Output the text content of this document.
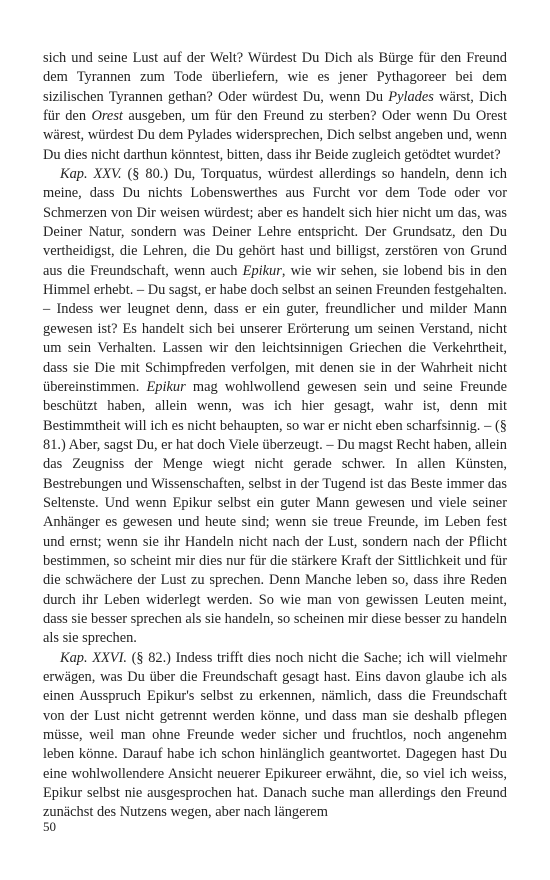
sich und seine Lust auf der Welt? Würdest Du Dich als Bürge für den Freund dem Tyrannen zum Tode überliefern, wie es jener Pythagoreer bei dem sizilischen Tyrannen gethan? Oder würdest Du, wenn Du Pylades wärst, Dich für den Orest ausgeben, um für den Freund zu sterben? Oder wenn Du Orest wärest, würdest Du dem Pylades widersprechen, Dich selbst angeben und, wenn Du dies nicht darthun könntest, bitten, dass ihr Beide zugleich getödtet wurdet?

Kap. XXV. (§ 80.) Du, Torquatus, würdest allerdings so handeln, denn ich meine, dass Du nichts Lobenswerthes aus Furcht vor dem Tode oder vor Schmerzen von Dir weisen würdest; aber es handelt sich hier nicht um das, was Deiner Natur, sondern was Deiner Lehre entspricht. Der Grundsatz, den Du vertheidigst, die Lehren, die Du gehört hast und billigst, zerstören von Grund aus die Freundschaft, wenn auch Epikur, wie wir sehen, sie lobend bis in den Himmel erhebt. – Du sagst, er habe doch selbst an seinen Freunden festgehalten. – Indess wer leugnet denn, dass er ein guter, freundlicher und milder Mann gewesen ist? Es handelt sich bei unserer Erörterung um seinen Verstand, nicht um sein Verhalten. Lassen wir den leichtsinnigen Griechen die Verkehrtheit, dass sie Die mit Schimpfreden verfolgen, mit denen sie in der Wahrheit nicht übereinstimmen. Epikur mag wohlwollend gewesen sein und seine Freunde beschützt haben, allein wenn, was ich hier gesagt, wahr ist, denn mit Bestimmtheit will ich es nicht behaupten, so war er nicht eben scharfsinnig. – (§ 81.) Aber, sagst Du, er hat doch Viele überzeugt. – Du magst Recht haben, allein das Zeugniss der Menge wiegt nicht gerade schwer. In allen Künsten, Bestrebungen und Wissenschaften, selbst in der Tugend ist das Beste immer das Seltenste. Und wenn Epikur selbst ein guter Mann gewesen und viele seiner Anhänger es gewesen und heute sind; wenn sie treue Freunde, im Leben fest und ernst; wenn sie ihr Handeln nicht nach der Lust, sondern nach der Pflicht bestimmen, so scheint mir dies nur für die stärkere Kraft der Sittlichkeit und für die schwächere der Lust zu sprechen. Denn Manche leben so, dass ihre Reden durch ihr Leben widerlegt werden. So wie man von gewissen Leuten meint, dass sie besser sprechen als sie handeln, so scheinen mir diese besser zu handeln als sie sprechen.

Kap. XXVI. (§ 82.) Indess trifft dies noch nicht die Sache; ich will vielmehr erwägen, was Du über die Freundschaft gesagt hast. Eins davon glaube ich als einen Ausspruch Epikur's selbst zu erkennen, nämlich, dass die Freundschaft von der Lust nicht getrennt werden könne, und dass man sie deshalb pflegen müsse, weil man ohne Freunde weder sicher und fruchtlos, noch angenehm leben könne. Darauf habe ich schon hinlänglich geantwortet. Dagegen hast Du eine wohlwollendere Ansicht neuerer Epikureer erwähnt, die, so viel ich weiss, Epikur selbst nie ausgesprochen hat. Danach suche man allerdings den Freund zunächst des Nutzens wegen, aber nach längerem

50
